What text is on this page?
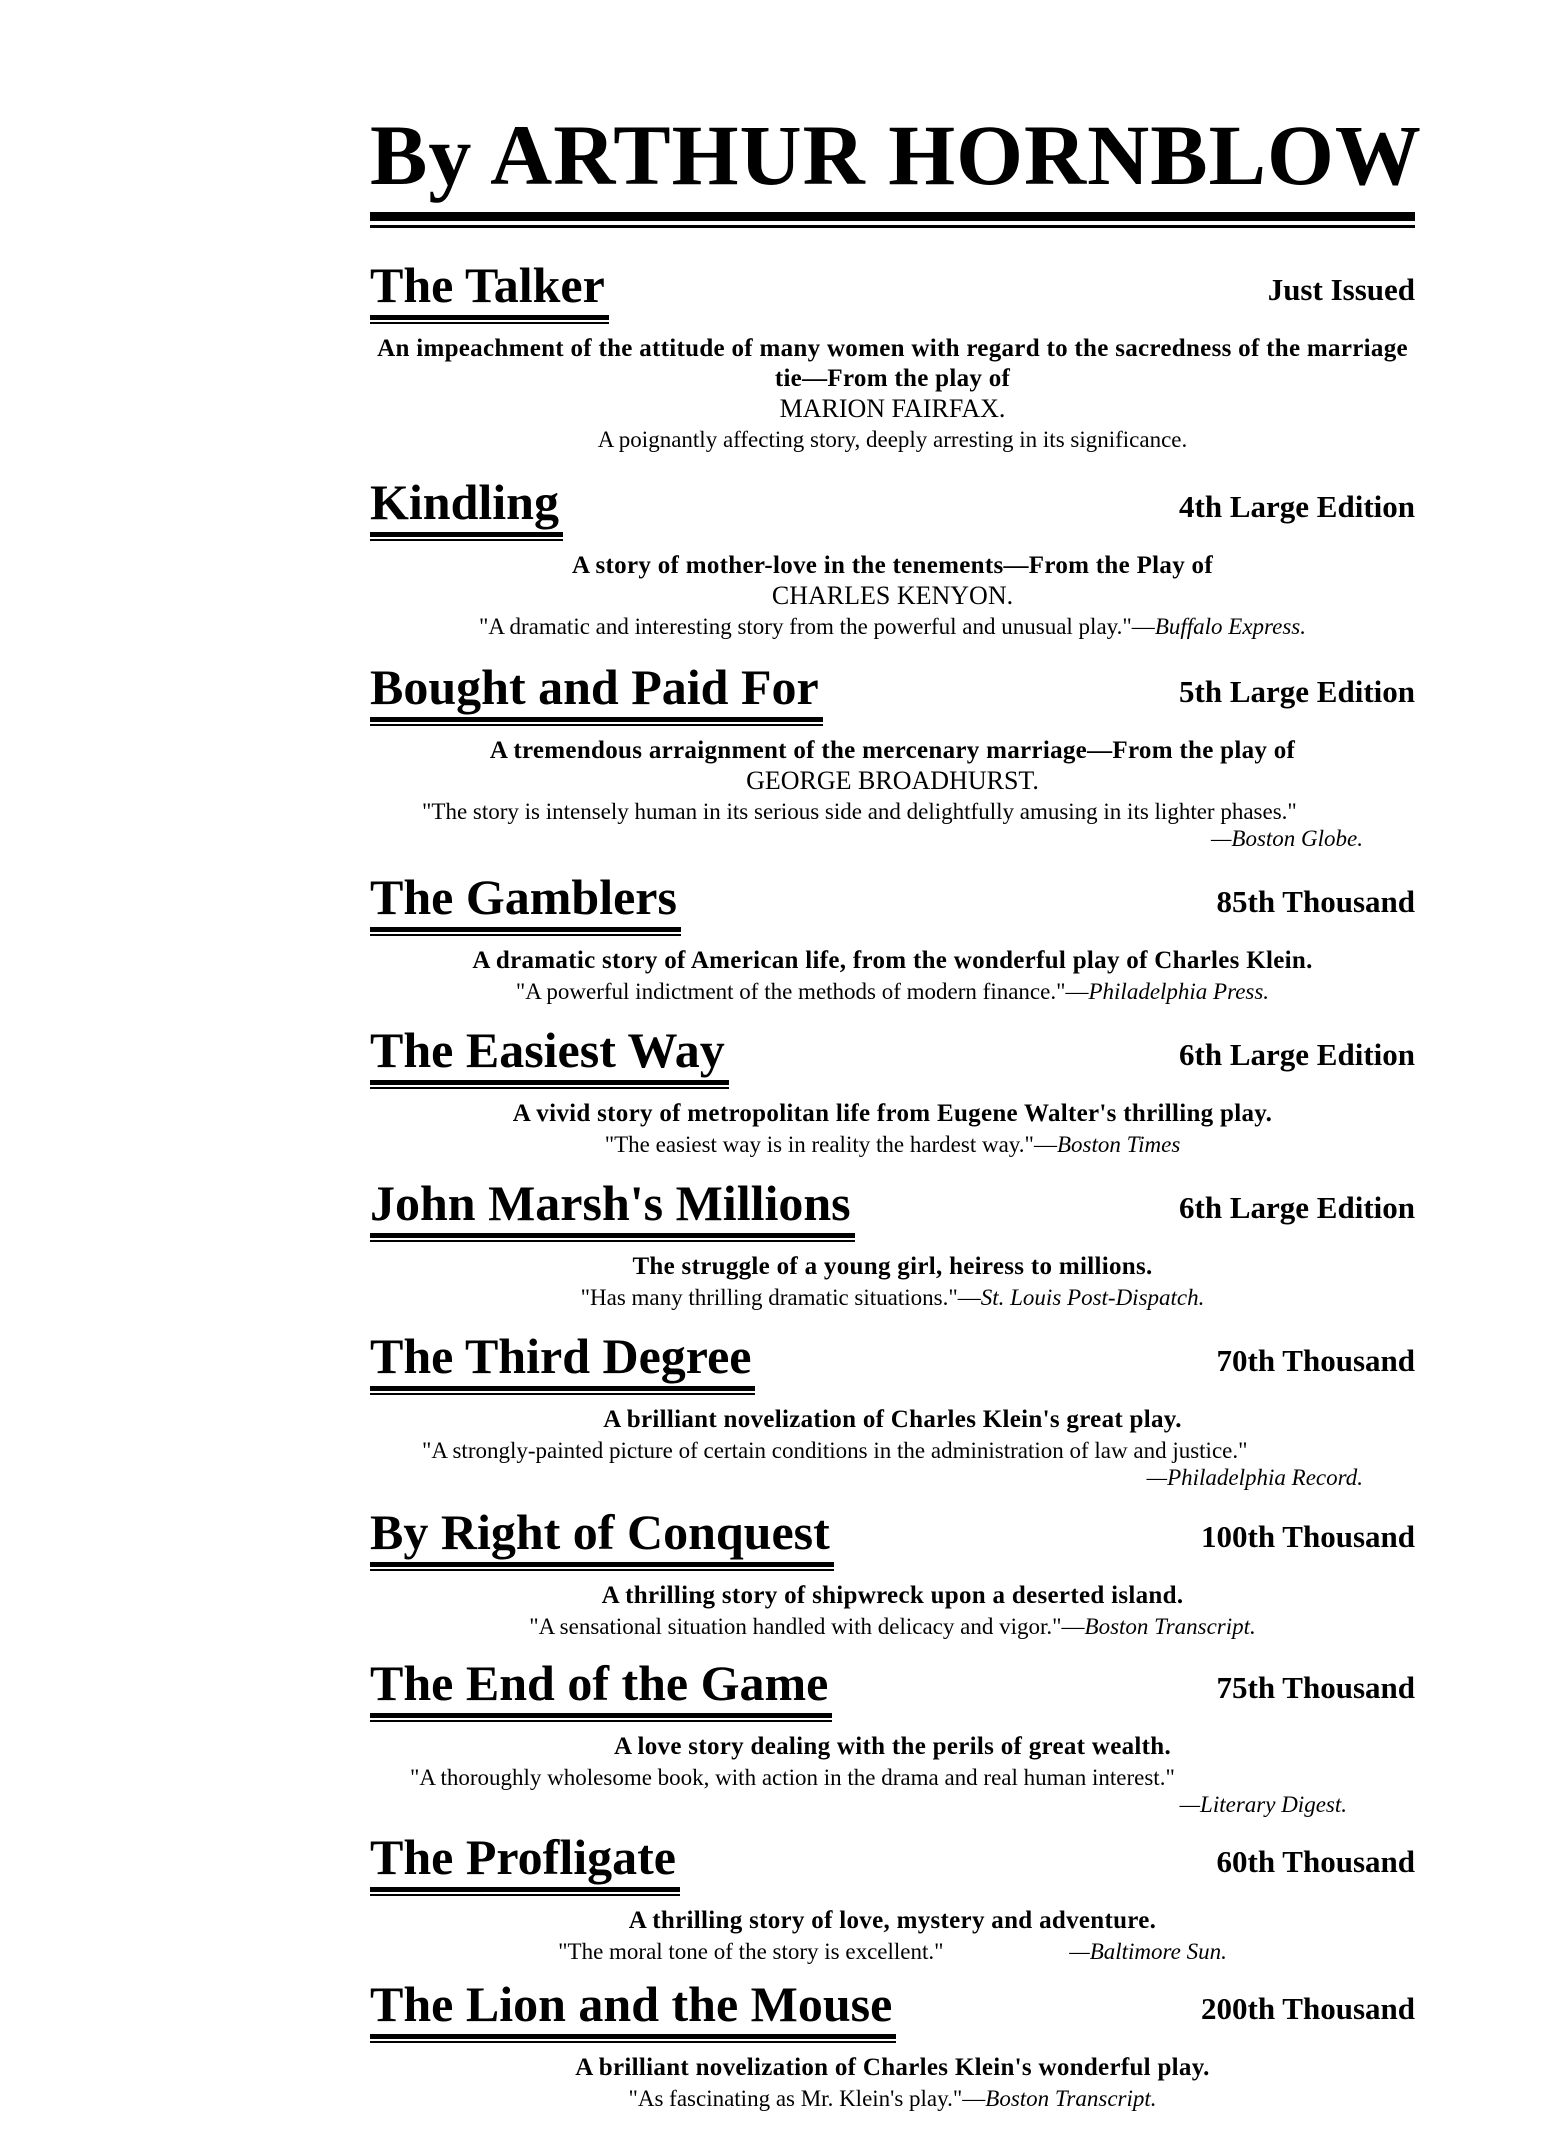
By ARTHUR HORNBLOW
The Talker	Just Issued
An impeachment of the attitude of many women with regard to the sacredness of the marriage tie—From the play of
MARION FAIRFAX.
A poignantly affecting story, deeply arresting in its significance.
Kindling	4th Large Edition
A story of mother-love in the tenements—From the Play of
CHARLES KENYON.
"A dramatic and interesting story from the powerful and unusual play."—Buffalo Express.
Bought and Paid For	5th Large Edition
A tremendous arraignment of the mercenary marriage—From the play of
GEORGE BROADHURST.
"The story is intensely human in its serious side and delightfully amusing in its lighter phases."
—Boston Globe.
The Gamblers	85th Thousand
A dramatic story of American life, from the wonderful play of Charles Klein.
"A powerful indictment of the methods of modern finance."—Philadelphia Press.
The Easiest Way	6th Large Edition
A vivid story of metropolitan life from Eugene Walter's thrilling play.
"The easiest way is in reality the hardest way."—Boston Times
John Marsh's Millions	6th Large Edition
The struggle of a young girl, heiress to millions.
"Has many thrilling dramatic situations."—St. Louis Post-Dispatch.
The Third Degree	70th Thousand
A brilliant novelization of Charles Klein's great play.
"A strongly-painted picture of certain conditions in the administration of law and justice."
—Philadelphia Record.
By Right of Conquest	100th Thousand
A thrilling story of shipwreck upon a deserted island.
"A sensational situation handled with delicacy and vigor."—Boston Transcript.
The End of the Game	75th Thousand
A love story dealing with the perils of great wealth.
"A thoroughly wholesome book, with action in the drama and real human interest."
—Literary Digest.
The Profligate	60th Thousand
A thrilling story of love, mystery and adventure.
"The moral tone of the story is excellent."	—Baltimore Sun.
The Lion and the Mouse	200th Thousand
A brilliant novelization of Charles Klein's wonderful play.
"As fascinating as Mr. Klein's play."—Boston Transcript.
